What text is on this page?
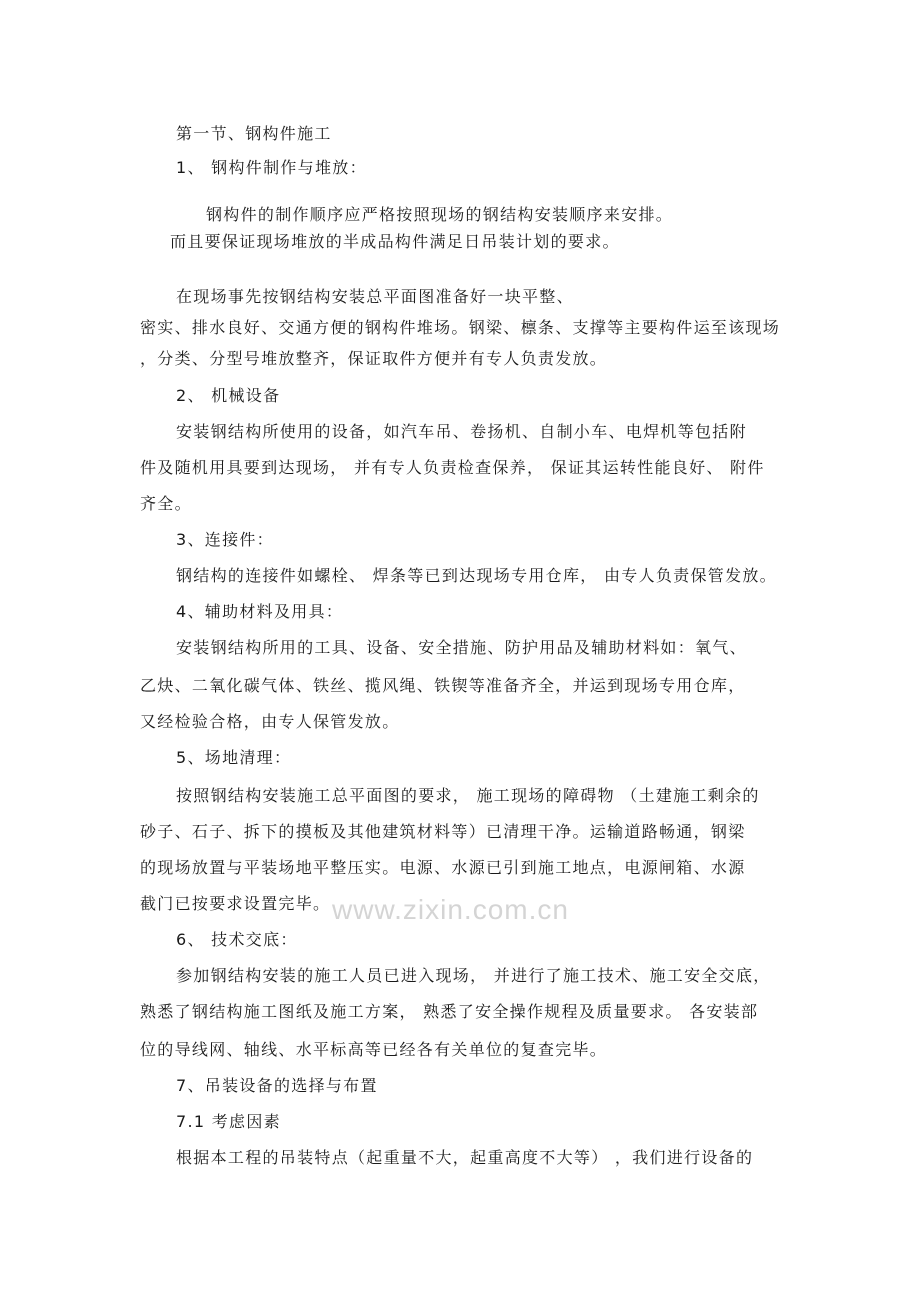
第一节、钢构件施工
1、 钢构件制作与堆放：
钢构件的制作顺序应严格按照现场的钢结构安装顺序来安排。
而且要保证现场堆放的半成品构件满足日吊装计划的要求。
在现场事先按钢结构安装总平面图准备好一块平整、
密实、排水良好、交通方便的钢构件堆场。钢梁、檩条、支撑等主要构件运至该现场
，分类、分型号堆放整齐，保证取件方便并有专人负责发放。
2、 机械设备
安装钢结构所使用的设备，如汽车吊、卷扬机、自制小车、电焊机等包括附
件及随机用具要到达现场， 并有专人负责检查保养， 保证其运转性能良好、 附件
齐全。
3、连接件：
钢结构的连接件如螺栓、 焊条等已到达现场专用仓库， 由专人负责保管发放。
4、辅助材料及用具：
安装钢结构所用的工具、设备、安全措施、防护用品及辅助材料如：氧气、
乙炔、二氧化碳气体、铁丝、揽风绳、铁锲等准备齐全，并运到现场专用仓库，
又经检验合格，由专人保管发放。
5、场地清理：
按照钢结构安装施工总平面图的要求， 施工现场的障碍物 （土建施工剩余的
砂子、石子、拆下的摸板及其他建筑材料等）已清理干净。运输道路畅通，钢梁
的现场放置与平装场地平整压实。电源、水源已引到施工地点，电源闸箱、水源
截门已按要求设置完毕。
6、 技术交底：
参加钢结构安装的施工人员已进入现场， 并进行了施工技术、施工安全交底，
熟悉了钢结构施工图纸及施工方案， 熟悉了安全操作规程及质量要求。 各安装部
位的导线网、轴线、水平标高等已经各有关单位的复查完毕。
7、吊装设备的选择与布置
7.1 考虑因素
根据本工程的吊装特点（起重量不大，起重高度不大等） ，我们进行设备的
www.zixin.com.cn
